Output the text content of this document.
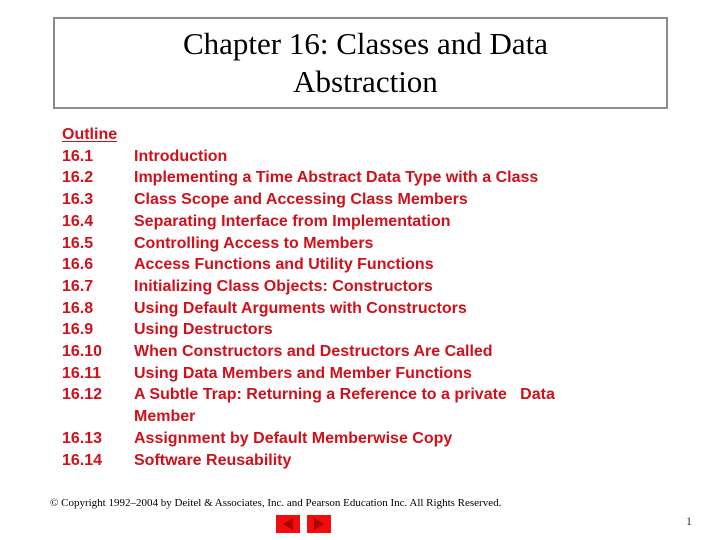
Chapter 16: Classes and Data
Abstraction
Outline
16.1	Introduction
16.2	Implementing a Time Abstract Data Type with a Class
16.3	Class Scope and Accessing Class Members
16.4	Separating Interface from Implementation
16.5	Controlling Access to Members
16.6	Access Functions and Utility Functions
16.7	Initializing Class Objects: Constructors
16.8	Using Default Arguments with Constructors
16.9	Using Destructors
16.10	When Constructors and Destructors Are Called
16.11	Using Data Members and Member Functions
16.12	A Subtle Trap: Returning a Reference to a private   Data
Member
16.13	Assignment by Default Memberwise Copy
16.14	Software Reusability
© Copyright 1992–2004 by Deitel & Associates, Inc. and Pearson Education Inc. All Rights Reserved.
1
